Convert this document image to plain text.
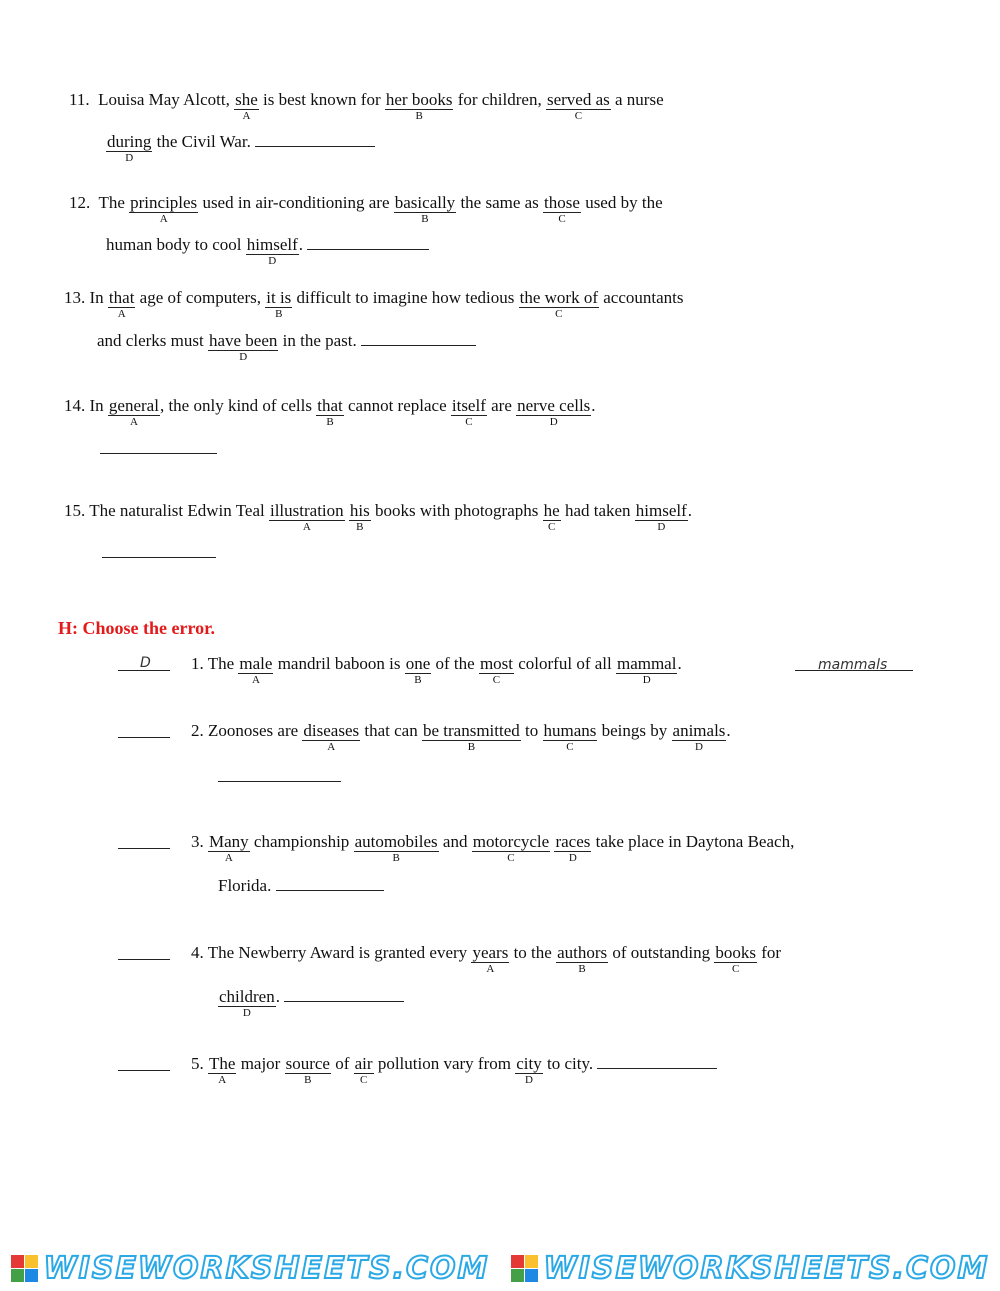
11. Louisa May Alcott, she
A
is best known for her books
B
for children, served as
C
a nurse
during
D
the Civil War.
12. The principles
A
used in air-conditioning are basically
B
the same as those
C
used by the
human body to cool himself
D
.
13. In that
A
age of computers, it is
B
difficult to imagine how tedious the work of
C
accountants
and clerks must have been
D
in the past.
14. In general
A
, the only kind of cells that
B
cannot replace itself
C
are nerve cells
D
.
15. The naturalist Edwin Teal illustration
A
his
B
books with photographs he
C
had taken himself
D
.
H: Choose the error.
D 1. The male
A
mandril baboon is one
B
of the most
C
colorful of all mammal
D
.	mammals
2. Zoonoses are diseases
A
that can be transmitted
B
to humans
C
beings by animals
D
.
3. Many
A
championship automobiles
B
and motorcycle
C
races
D
take place in Daytona Beach,
Florida.
4. The Newberry Award is granted every years
A
to the authors
B
of outstanding books
C
for
children
D
.
5. The
A
major source
B
of air
C
pollution vary from city
D
to city.
WISEWORKSHEETS.COM WISEWORKSHEETS.COM
